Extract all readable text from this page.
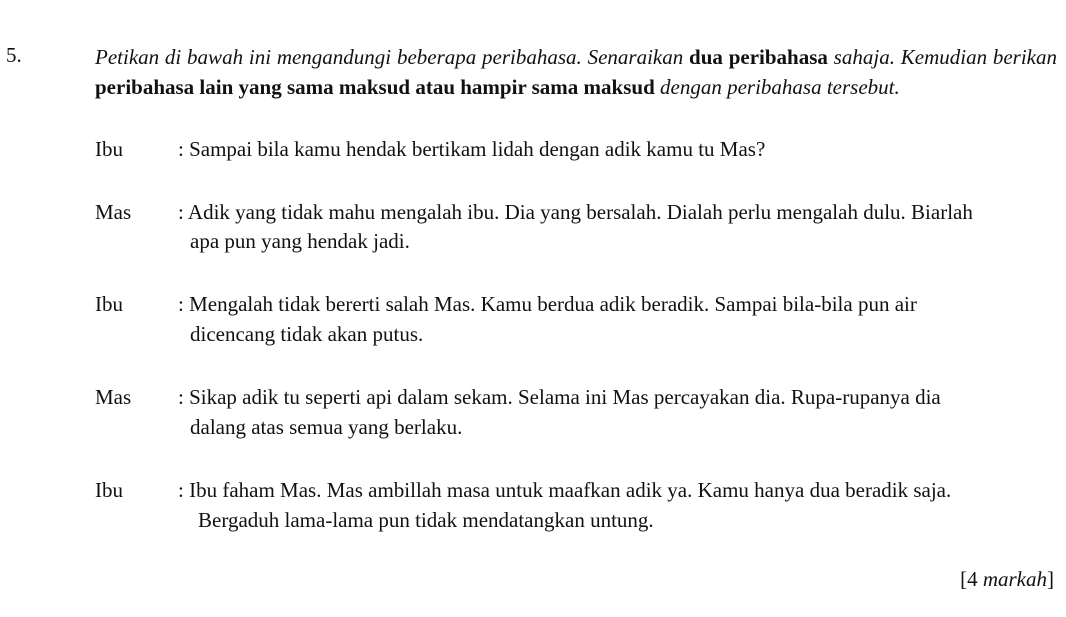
5.	Petikan di bawah ini mengandungi beberapa peribahasa. Senaraikan dua peribahasa sahaja. Kemudian berikan peribahasa lain yang sama maksud atau hampir sama maksud dengan peribahasa tersebut.
Ibu	: Sampai bila kamu hendak bertikam lidah dengan adik kamu tu Mas?
Mas : Adik yang tidak mahu mengalah ibu. Dia yang bersalah. Dialah perlu mengalah dulu. Biarlah
apa pun yang hendak jadi.
Ibu	: Mengalah tidak bererti salah Mas. Kamu berdua adik beradik. Sampai bila-bila pun air
dicencang tidak akan putus.
Mas : Sikap adik tu seperti api dalam sekam. Selama ini Mas percayakan dia. Rupa-rupanya dia
dalang atas semua yang berlaku.
Ibu	: Ibu faham Mas. Mas ambillah masa untuk maafkan adik ya. Kamu hanya dua beradik saja.
Bergaduh lama-lama pun tidak mendatangkan untung.
[4 markah]
